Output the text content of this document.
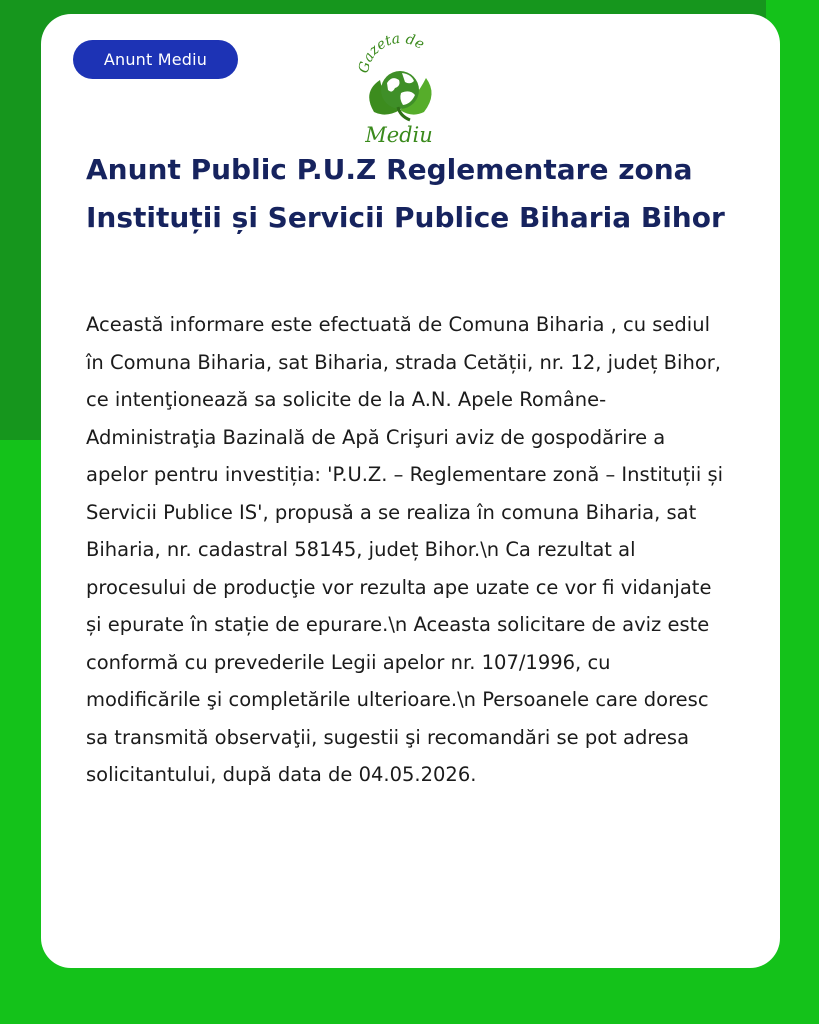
Anunt Mediu	Gazeta de
Mediu
Anunt Public P.U.Z Reglementare zona Instituții și Servicii Publice Biharia Bihor

Această informare este efectuată de Comuna Biharia , cu sediul în Comuna Biharia, sat Biharia, strada Cetății, nr. 12, județ Bihor, ce intenţionează sa solicite de la A.N. Apele Române-Administraţia Bazinală de Apă Crişuri aviz de gospodărire a apelor pentru investiția: 'P.U.Z. – Reglementare zonă – Instituții și Servicii Publice IS', propusă a se realiza în comuna Biharia, sat Biharia, nr. cadastral 58145, județ Bihor.\n Ca rezultat al procesului de producţie vor rezulta ape uzate ce vor fi vidanjate și epurate în stație de epurare.\n Aceasta solicitare de aviz este conformă cu prevederile Legii apelor nr. 107/1996, cu modificările şi completările ulterioare.\n Persoanele care doresc sa transmită observaţii, sugestii şi recomandări se pot adresa solicitantului, după data de 04.05.2026.
